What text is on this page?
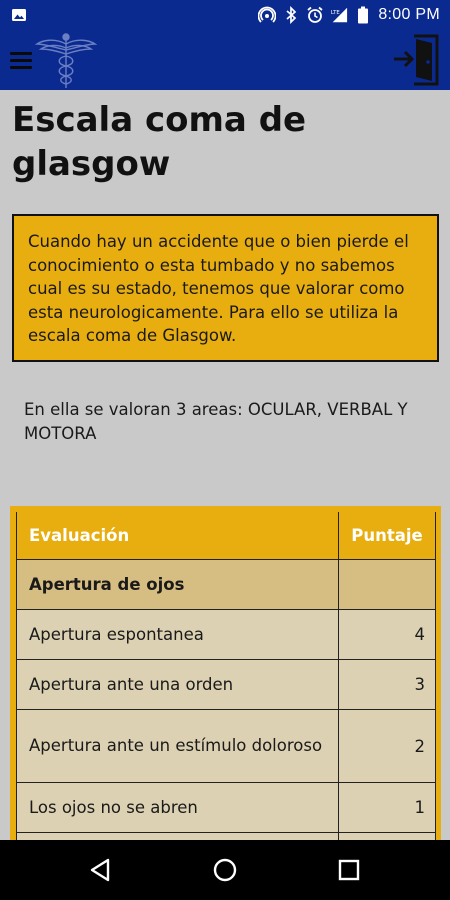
LTE 8:00 PM
Escala coma de glasgow
Cuando hay un accidente que o bien pierde el conocimiento o esta tumbado y no sabemos cual es su estado, tenemos que valorar como esta neurologicamente. Para ello se utiliza la escala coma de Glasgow.

En ella se valoran 3 areas: OCULAR, VERBAL Y MOTORA

Evaluación	Puntaje
Apertura de ojos	
Apertura espontanea	4
Apertura ante una orden	3
Apertura ante un estímulo doloroso	2
Los ojos no se abren	1
